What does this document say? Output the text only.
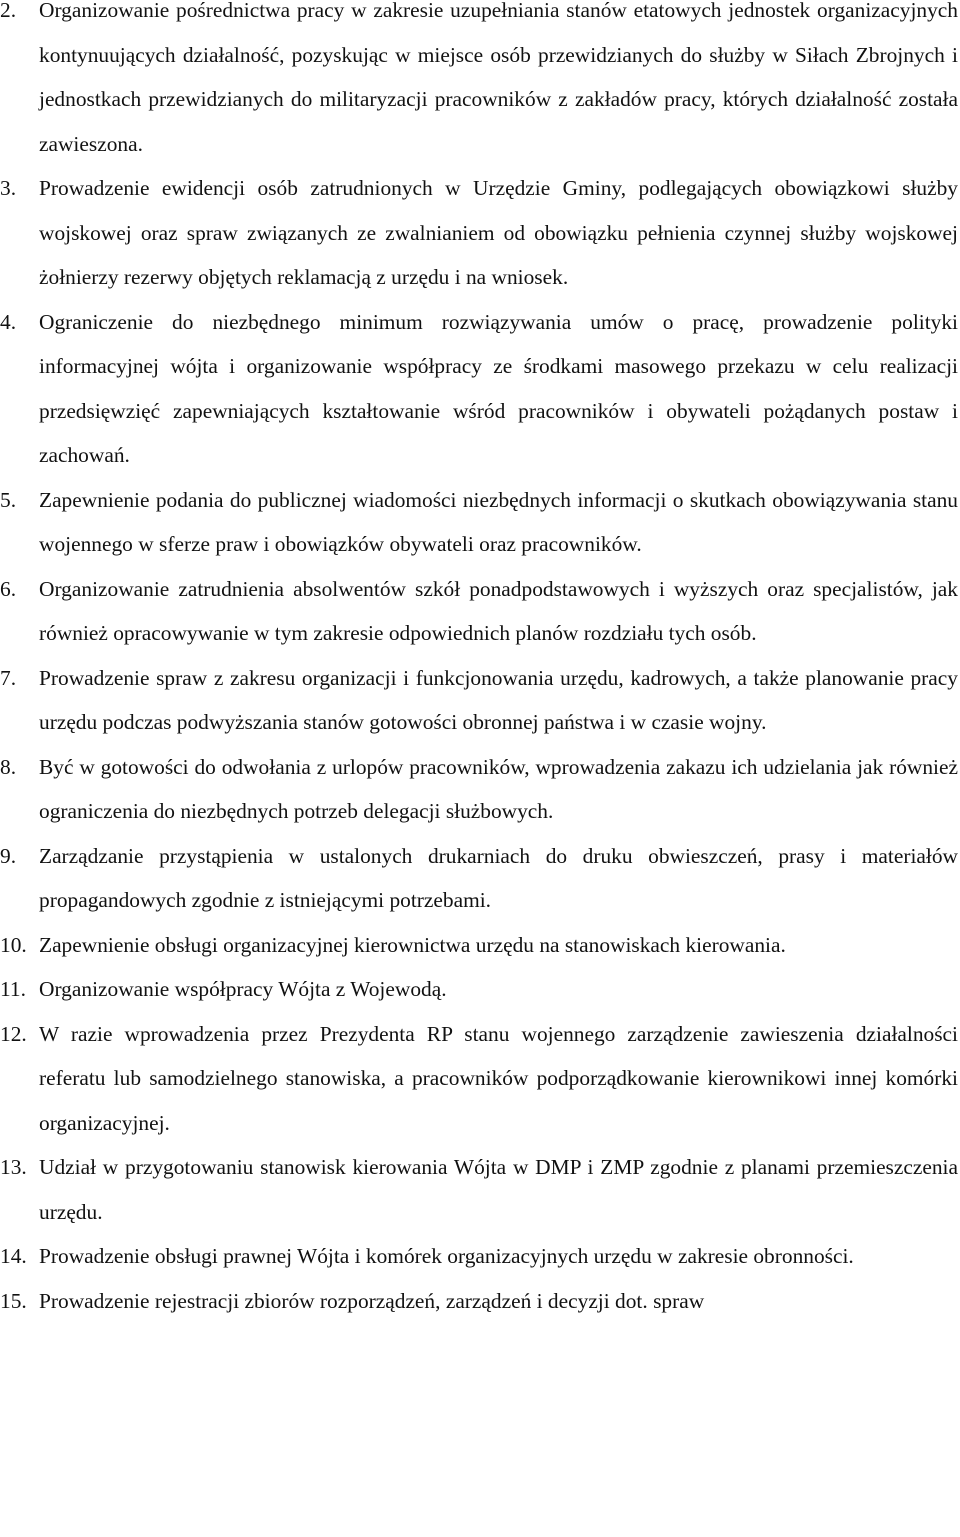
2.	Organizowanie pośrednictwa pracy w zakresie uzupełniania stanów etatowych jednostek organizacyjnych kontynuujących działalność, pozyskując w miejsce osób przewidzianych do służby w Siłach Zbrojnych i jednostkach przewidzianych do militaryzacji pracowników z zakładów pracy, których działalność została zawieszona.
3.	Prowadzenie ewidencji osób zatrudnionych w Urzędzie Gminy, podlegających obowiązkowi służby wojskowej oraz spraw związanych ze zwalnianiem od obowiązku pełnienia czynnej służby wojskowej żołnierzy rezerwy objętych reklamacją z urzędu i na wniosek.
4.	Ograniczenie do niezbędnego minimum rozwiązywania umów o pracę, prowadzenie polityki informacyjnej wójta i organizowanie współpracy ze środkami masowego przekazu w celu realizacji przedsięwzięć zapewniających kształtowanie wśród pracowników i obywateli pożądanych postaw i zachowań.
5.	Zapewnienie podania do publicznej wiadomości niezbędnych informacji o skutkach obowiązywania stanu wojennego w sferze praw i obowiązków obywateli oraz pracowników.
6.	Organizowanie zatrudnienia absolwentów szkół ponadpodstawowych i wyższych oraz specjalistów, jak również opracowywanie w tym zakresie odpowiednich planów rozdziału tych osób.
7.	Prowadzenie spraw z zakresu organizacji i funkcjonowania urzędu, kadrowych, a także planowanie pracy urzędu podczas podwyższania stanów gotowości obronnej państwa i w czasie wojny.
8.	Być w gotowości do odwołania z urlopów pracowników, wprowadzenia zakazu ich udzielania jak również ograniczenia do niezbędnych potrzeb delegacji służbowych.
9.	Zarządzanie przystąpienia w ustalonych drukarniach do druku obwieszczeń, prasy i materiałów propagandowych zgodnie z istniejącymi potrzebami.
10. Zapewnienie obsługi organizacyjnej kierownictwa urzędu na stanowiskach kierowania.
11. Organizowanie współpracy Wójta z Wojewodą.
12. W razie wprowadzenia przez Prezydenta RP stanu wojennego zarządzenie zawieszenia działalności referatu lub samodzielnego stanowiska, a pracowników podporządkowanie kierownikowi innej komórki organizacyjnej.
13. Udział w przygotowaniu stanowisk kierowania Wójta w DMP i ZMP zgodnie z planami przemieszczenia urzędu.
14. Prowadzenie obsługi prawnej Wójta i komórek organizacyjnych urzędu w zakresie obronności.
15. Prowadzenie rejestracji zbiorów rozporządzeń, zarządzeń i decyzji dot. spraw
